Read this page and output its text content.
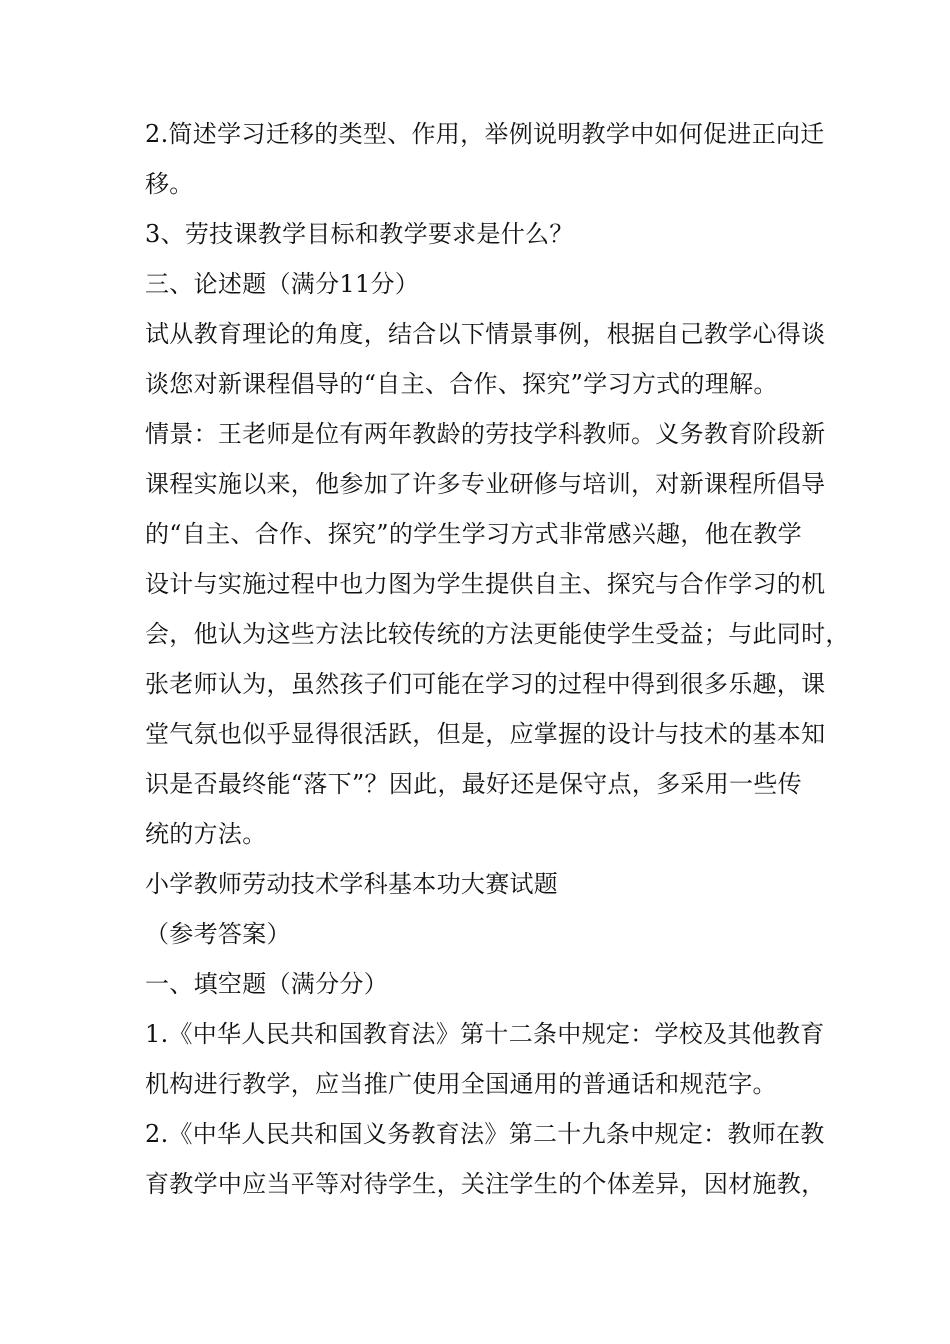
2.简述学习迁移的类型、作用，举例说明教学中如何促进正向迁
移。
3、劳技课教学目标和教学要求是什么？
三、论述题（满分11分）
试从教育理论的角度，结合以下情景事例，根据自己教学心得谈
谈您对新课程倡导的“自主、合作、探究”学习方式的理解。
情景：王老师是位有两年教龄的劳技学科教师。义务教育阶段新
课程实施以来，他参加了许多专业研修与培训，对新课程所倡导
的“自主、合作、探究”的学生学习方式非常感兴趣，他在教学
设计与实施过程中也力图为学生提供自主、探究与合作学习的机
会，他认为这些方法比较传统的方法更能使学生受益；与此同时，
张老师认为，虽然孩子们可能在学习的过程中得到很多乐趣，课
堂气氛也似乎显得很活跃，但是，应掌握的设计与技术的基本知
识是否最终能“落下”？因此，最好还是保守点，多采用一些传
统的方法。
小学教师劳动技术学科基本功大赛试题
（参考答案）
一、填空题（满分分）
1.《中华人民共和国教育法》第十二条中规定：学校及其他教育
机构进行教学，应当推广使用全国通用的普通话和规范字。
2.《中华人民共和国义务教育法》第二十九条中规定：教师在教
育教学中应当平等对待学生，关注学生的个体差异，因材施教，
